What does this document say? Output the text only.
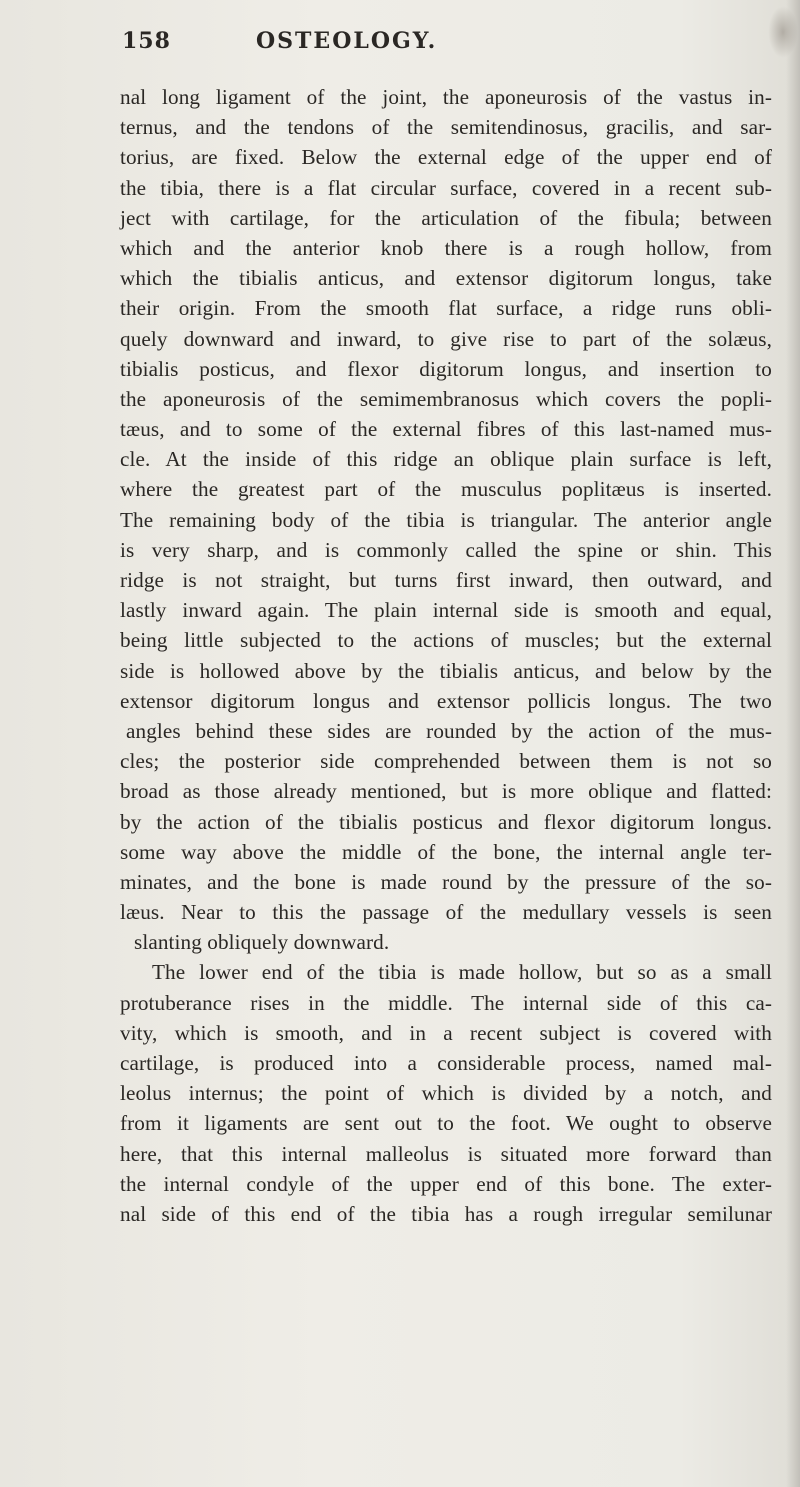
158	OSTEOLOGY.
nal long ligament of the joint, the aponeurosis of the vastus in-
ternus, and the tendons of the semitendinosus, gracilis, and sar-
torius, are fixed. Below the external edge of the upper end of
the tibia, there is a flat circular surface, covered in a recent sub-
ject with cartilage, for the articulation of the fibula; between
which and the anterior knob there is a rough hollow, from
which the tibialis anticus, and extensor digitorum longus, take
their origin. From the smooth flat surface, a ridge runs obli-
quely downward and inward, to give rise to part of the solæus,
tibialis posticus, and flexor digitorum longus, and insertion to
the aponeurosis of the semimembranosus which covers the popli-
tæus, and to some of the external fibres of this last-named mus-
cle. At the inside of this ridge an oblique plain surface is left,
where the greatest part of the musculus poplitæus is inserted.
The remaining body of the tibia is triangular. The anterior angle
is very sharp, and is commonly called the spine or shin. This
ridge is not straight, but turns first inward, then outward, and
lastly inward again. The plain internal side is smooth and equal,
being little subjected to the actions of muscles; but the external
side is hollowed above by the tibialis anticus, and below by the
extensor digitorum longus and extensor pollicis longus. The two
angles behind these sides are rounded by the action of the mus-
cles; the posterior side comprehended between them is not so
broad as those already mentioned, but is more oblique and flatted:
by the action of the tibialis posticus and flexor digitorum longus.
some way above the middle of the bone, the internal angle ter-
minates, and the bone is made round by the pressure of the so-
læus. Near to this the passage of the medullary vessels is seen
slanting obliquely downward.
The lower end of the tibia is made hollow, but so as a small
protuberance rises in the middle. The internal side of this ca-
vity, which is smooth, and in a recent subject is covered with
cartilage, is produced into a considerable process, named mal-
leolus internus; the point of which is divided by a notch, and
from it ligaments are sent out to the foot. We ought to observe
here, that this internal malleolus is situated more forward than
the internal condyle of the upper end of this bone. The exter-
nal side of this end of the tibia has a rough irregular semilunar
